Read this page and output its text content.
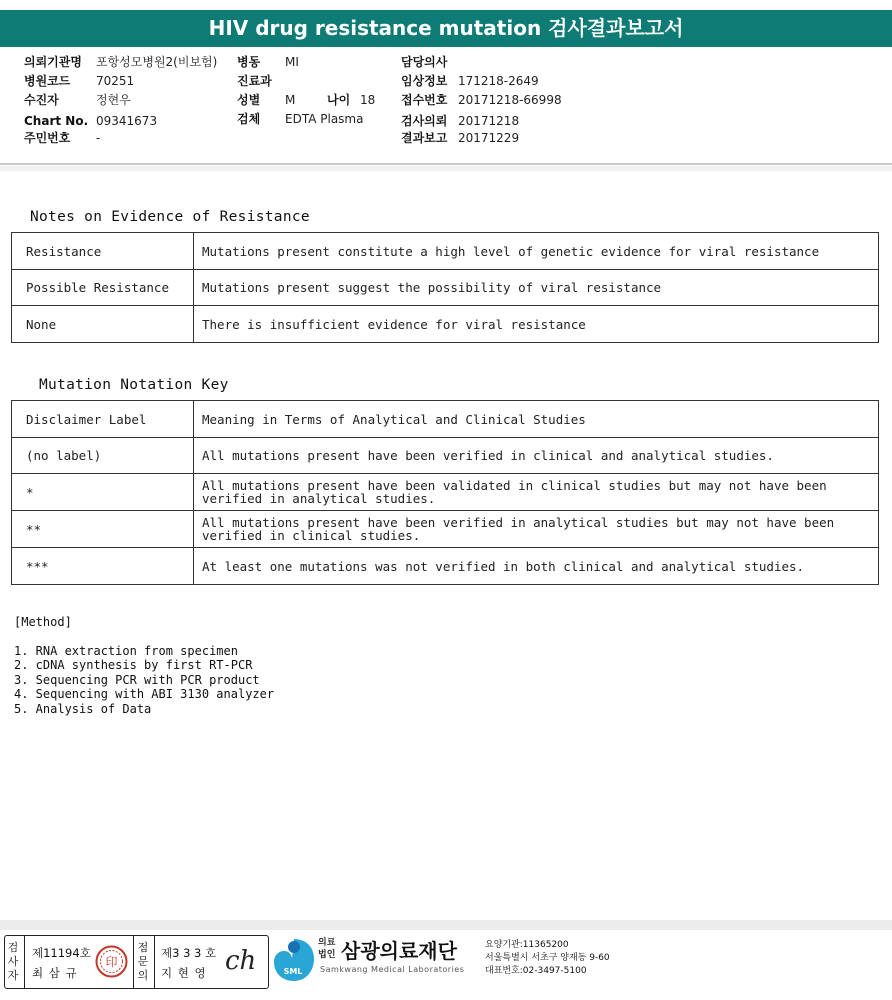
HIV drug resistance mutation 검사결과보고서
의뢰기관명 포항성모병원2(비보험)
병원코드 70251
수진자	정현우
Chart No. 09341673
주민번호 -
병동 MI
진료과
성별 M	나이 18
검체 EDTA Plasma
담당의사
임상정보 171218-2649
접수번호 20171218-66998
검사의뢰 20171218
결과보고 20171229
Notes on Evidence of Resistance
Resistance	Mutations present constitute a high level of genetic evidence for viral resistance
Possible Resistance	Mutations present suggest the possibility of viral resistance
None	There is insufficient evidence for viral resistance
Mutation Notation Key
Disclaimer Label	Meaning in Terms of Analytical and Clinical Studies
(no label)	All mutations present have been verified in clinical and analytical studies.
*	All mutations present have been validated in clinical studies but may not have been verified in analytical studies.
**	All mutations present have been verified in analytical studies but may not have been verified in clinical studies.
***	At least one mutations was not verified in both clinical and analytical studies.
[Method]
1. RNA extraction from specimen
2. cDNA synthesis by first RT-PCR
3. Sequencing PCR with PCR product
4. Sequencing with ABI 3130 analyzer
5. Analysis of Data
검
사
자
제11194호
최 삼 규
印
점
문
의
제3 3 3 호
지 현 영 ch	SML
의료
법인 삼광의료재단
Samkwang Medical Laboratories
요양기관:11365200
서울특별시 서초구 양재동 9-60
대표번호:02-3497-5100
